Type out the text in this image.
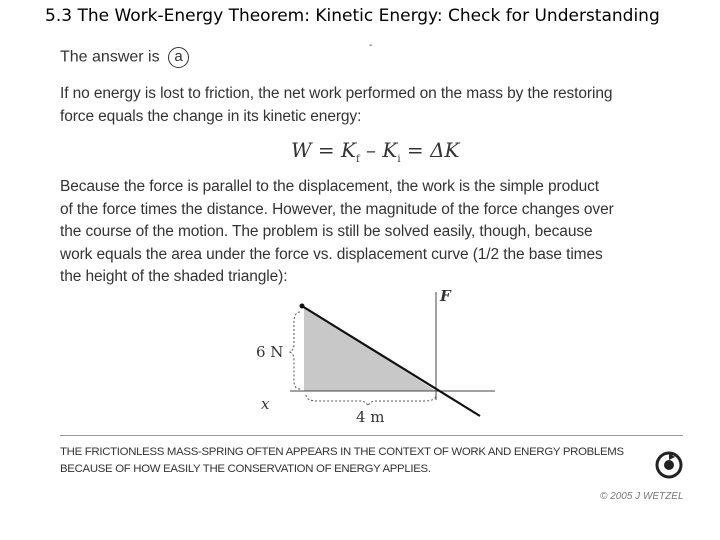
5.3 The Work-Energy Theorem: Kinetic Energy: Check for Understanding
-
The answer is a
If no energy is lost to friction, the net work performed on the mass by the restoring
force equals the change in its kinetic energy:
$W = K_f - K_i = \Delta K$
Because the force is parallel to the displacement, the work is the simple product
of the force times the distance. However, the magnitude of the force changes over
the course of the motion. The problem is still be solved easily, though, because
work equals the area under the force vs. displacement curve (1/2 the base times
the height of the shaded triangle):
F
x
6 N
4 m
THE FRICTIONLESS MASS-SPRING OFTEN APPEARS IN THE CONTEXT OF WORK AND ENERGY PROBLEMS
BECAUSE OF HOW EASILY THE CONSERVATION OF ENERGY APPLIES.
© 2005 J WETZEL
